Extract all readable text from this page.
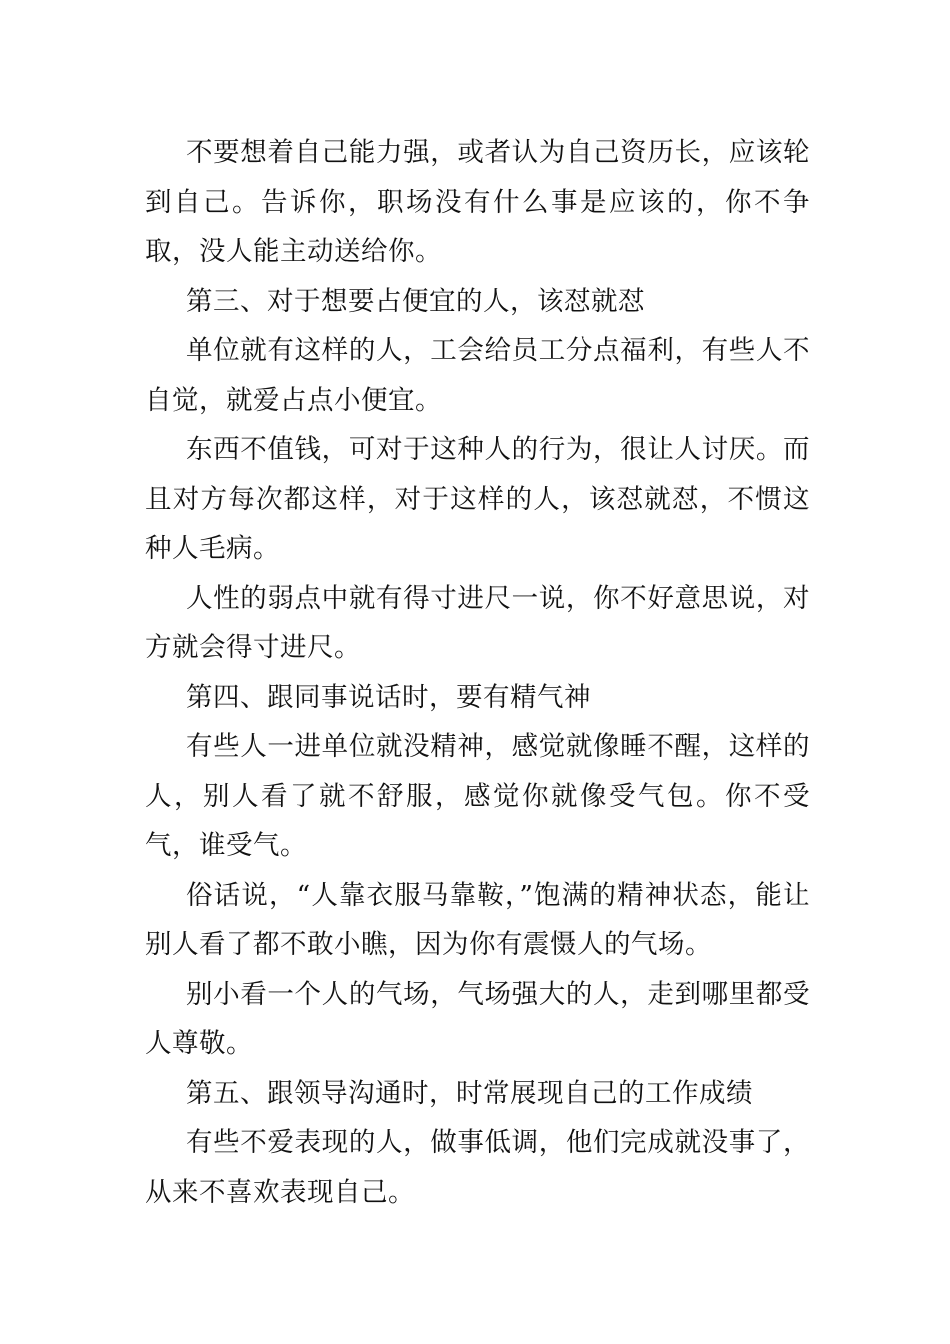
不要想着自己能力强，或者认为自己资历长，应该轮到自己。告诉你，职场没有什么事是应该的，你不争取，没人能主动送给你。

第三、对于想要占便宜的人，该怼就怼

单位就有这样的人，工会给员工分点福利，有些人不自觉，就爱占点小便宜。

东西不值钱，可对于这种人的行为，很让人讨厌。而且对方每次都这样，对于这样的人，该怼就怼，不惯这种人毛病。

人性的弱点中就有得寸进尺一说，你不好意思说，对方就会得寸进尺。

第四、跟同事说话时，要有精气神

有些人一进单位就没精神，感觉就像睡不醒，这样的人，别人看了就不舒服，感觉你就像受气包。你不受气，谁受气。

俗话说，“人靠衣服马靠鞍，”饱满的精神状态，能让别人看了都不敢小瞧，因为你有震慑人的气场。

别小看一个人的气场，气场强大的人，走到哪里都受人尊敬。

第五、跟领导沟通时，时常展现自己的工作成绩

有些不爱表现的人，做事低调，他们完成就没事了，从来不喜欢表现自己。
